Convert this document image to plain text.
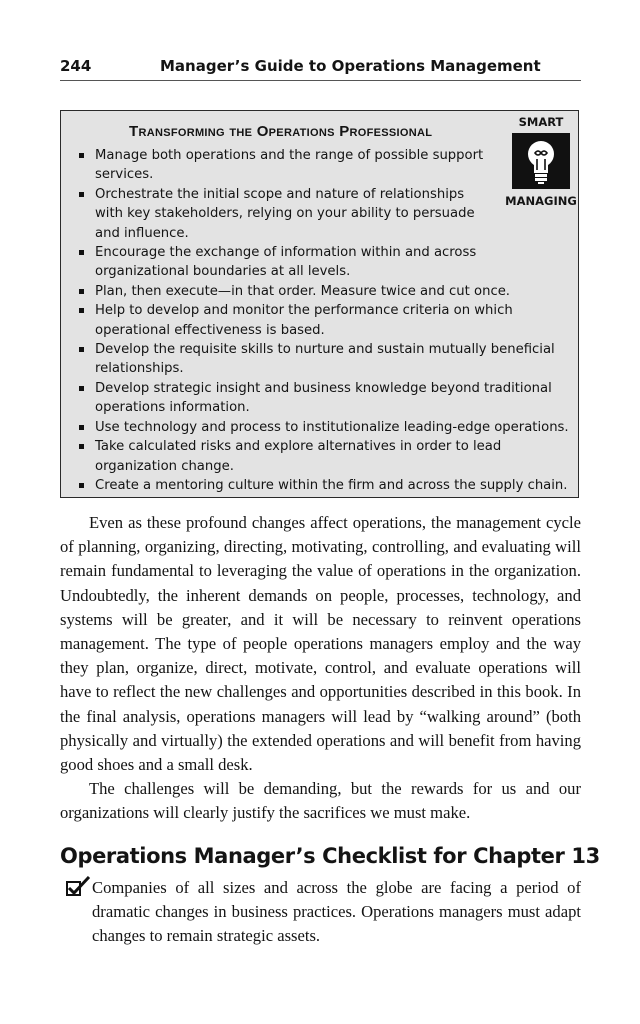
244	Manager’s Guide to Operations Management
Transforming the Operations Professional
SMART
MANAGING
Manage both operations and the range of possible support services.
Orchestrate the initial scope and nature of relationships with key stakeholders, relying on your ability to persuade and influence.
Encourage the exchange of information within and across organizational boundaries at all levels.
Plan, then execute—in that order. Measure twice and cut once.
Help to develop and monitor the performance criteria on which operational effectiveness is based.
Develop the requisite skills to nurture and sustain mutually beneficial relationships.
Develop strategic insight and business knowledge beyond traditional operations information.
Use technology and process to institutionalize leading-edge operations.
Take calculated risks and explore alternatives in order to lead organization change.
Create a mentoring culture within the firm and across the supply chain.

Even as these profound changes affect operations, the management cycle of planning, organizing, directing, motivating, controlling, and evaluating will remain fundamental to leveraging the value of operations in the organization. Undoubtedly, the inherent demands on people, processes, technology, and systems will be greater, and it will be necessary to reinvent operations management. The type of people operations managers employ and the way they plan, organize, direct, motivate, control, and evaluate operations will have to reflect the new challenges and opportunities described in this book. In the final analysis, operations managers will lead by “walking around” (both physically and virtually) the extended operations and will benefit from having good shoes and a small desk.

The challenges will be demanding, but the rewards for us and our organizations will clearly justify the sacrifices we must make.

Operations Manager’s Checklist for Chapter 13
Companies of all sizes and across the globe are facing a period of dramatic changes in business practices. Operations managers must adapt changes to remain strategic assets.
